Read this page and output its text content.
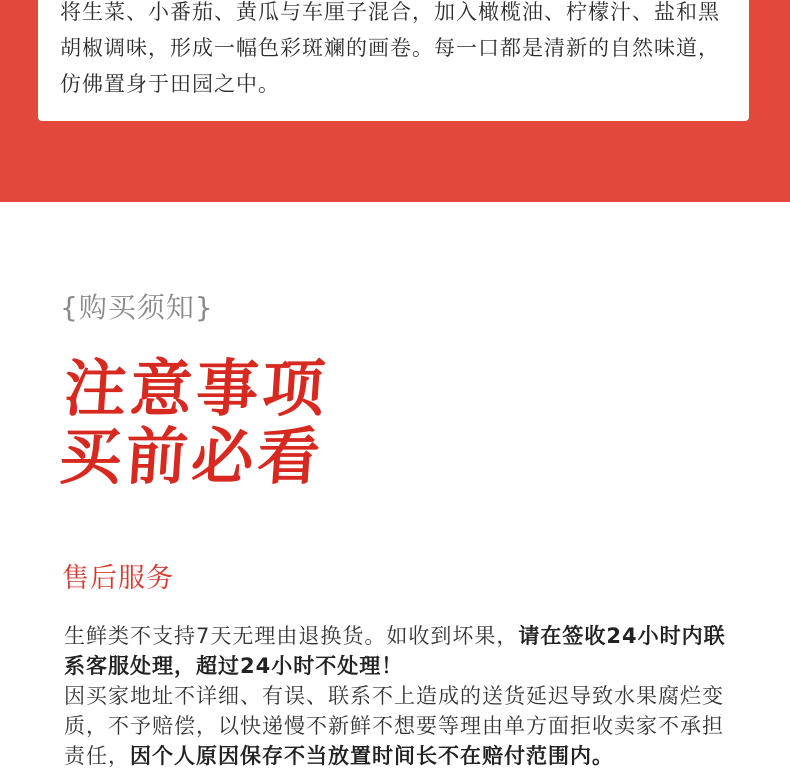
将生菜、小番茄、黄瓜与车厘子混合，加入橄榄油、柠檬汁、盐和黑胡椒调味，形成一幅色彩斑斓的画卷。每一口都是清新的自然味道，仿佛置身于田园之中。

{购买须知}

注意事项
买前必看
售后服务

生鲜类不支持7天无理由退换货。如收到坏果，请在签收24小时内联系客服处理，超过24小时不处理！
因买家地址不详细、有误、联系不上造成的送货延迟导致水果腐烂变质，不予赔偿，以快递慢不新鲜不想要等理由单方面拒收卖家不承担责任，因个人原因保存不当放置时间长不在赔付范围内。
